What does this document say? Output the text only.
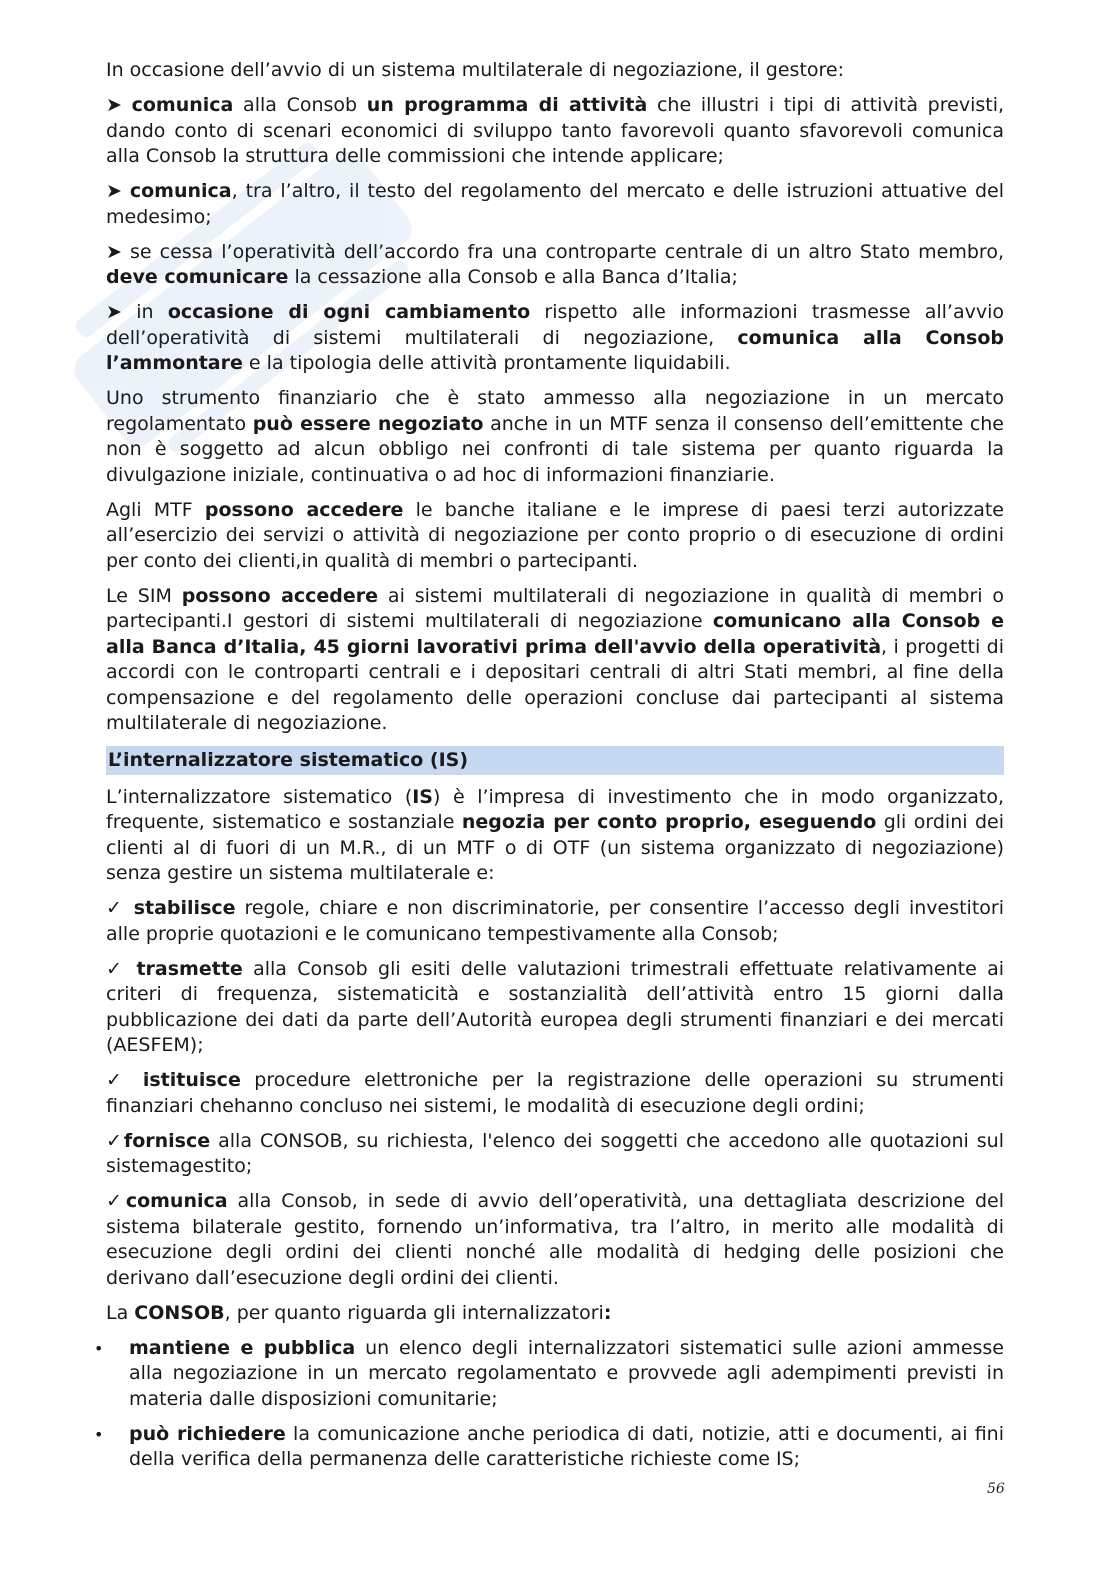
In occasione dell’avvio di un sistema multilaterale di negoziazione, il gestore:

➤ comunica alla Consob un programma di attività che illustri i tipi di attività previsti, dando conto di scenari economici di sviluppo tanto favorevoli quanto sfavorevoli comunica alla Consob la struttura delle commissioni che intende applicare;

➤ comunica, tra l’altro, il testo del regolamento del mercato e delle istruzioni attuative del medesimo;

➤ se cessa l’operatività dell’accordo fra una controparte centrale di un altro Stato membro, deve comunicare la cessazione alla Consob e alla Banca d’Italia;

➤ in occasione di ogni cambiamento rispetto alle informazioni trasmesse all’avvio dell’operatività di sistemi multilaterali di negoziazione, comunica alla Consob l’ammontare e la tipologia delle attività prontamente liquidabili.

Uno strumento finanziario che è stato ammesso alla negoziazione in un mercato regolamentato può essere negoziato anche in un MTF senza il consenso dell’emittente che non è soggetto ad alcun obbligo nei confronti di tale sistema per quanto riguarda la divulgazione iniziale, continuativa o ad hoc di informazioni finanziarie.

Agli MTF possono accedere le banche italiane e le imprese di paesi terzi autorizzate all’esercizio dei servizi o attività di negoziazione per conto proprio o di esecuzione di ordini per conto dei clienti,in qualità di membri o partecipanti.

Le SIM possono accedere ai sistemi multilaterali di negoziazione in qualità di membri o partecipanti.I gestori di sistemi multilaterali di negoziazione comunicano alla Consob e alla Banca d’Italia, 45 giorni lavorativi prima dell'avvio della operatività, i progetti di accordi con le controparti centrali e i depositari centrali di altri Stati membri, al fine della compensazione e del regolamento delle operazioni concluse dai partecipanti al sistema multilaterale di negoziazione.

L’internalizzatore sistematico (IS)

L’internalizzatore sistematico (IS) è l’impresa di investimento che in modo organizzato, frequente, sistematico e sostanziale negozia per conto proprio, eseguendo gli ordini dei clienti al di fuori di un M.R., di un MTF o di OTF (un sistema organizzato di negoziazione) senza gestire un sistema multilaterale e:

✓ stabilisce regole, chiare e non discriminatorie, per consentire l’accesso degli investitori alle proprie quotazioni e le comunicano tempestivamente alla Consob;

✓ trasmette alla Consob gli esiti delle valutazioni trimestrali effettuate relativamente ai criteri di frequenza, sistematicità e sostanzialità dell’attività entro 15 giorni dalla pubblicazione dei dati da parte dell’Autorità europea degli strumenti finanziari e dei mercati (AESFEM);

✓ istituisce procedure elettroniche per la registrazione delle operazioni su strumenti finanziari chehanno concluso nei sistemi, le modalità di esecuzione degli ordini;

✓fornisce alla CONSOB, su richiesta, l'elenco dei soggetti che accedono alle quotazioni sul sistemagestito;

✓comunica alla Consob, in sede di avvio dell’operatività, una dettagliata descrizione del sistema bilaterale gestito, fornendo un’informativa, tra l’altro, in merito alle modalità di esecuzione degli ordini dei clienti nonché alle modalità di hedging delle posizioni che derivano dall’esecuzione degli ordini dei clienti.

La CONSOB, per quanto riguarda gli internalizzatori:

• mantiene e pubblica un elenco degli internalizzatori sistematici sulle azioni ammesse alla negoziazione in un mercato regolamentato e provvede agli adempimenti previsti in materia dalle disposizioni comunitarie;
• può richiedere la comunicazione anche periodica di dati, notizie, atti e documenti, ai fini della verifica della permanenza delle caratteristiche richieste come IS;
56
